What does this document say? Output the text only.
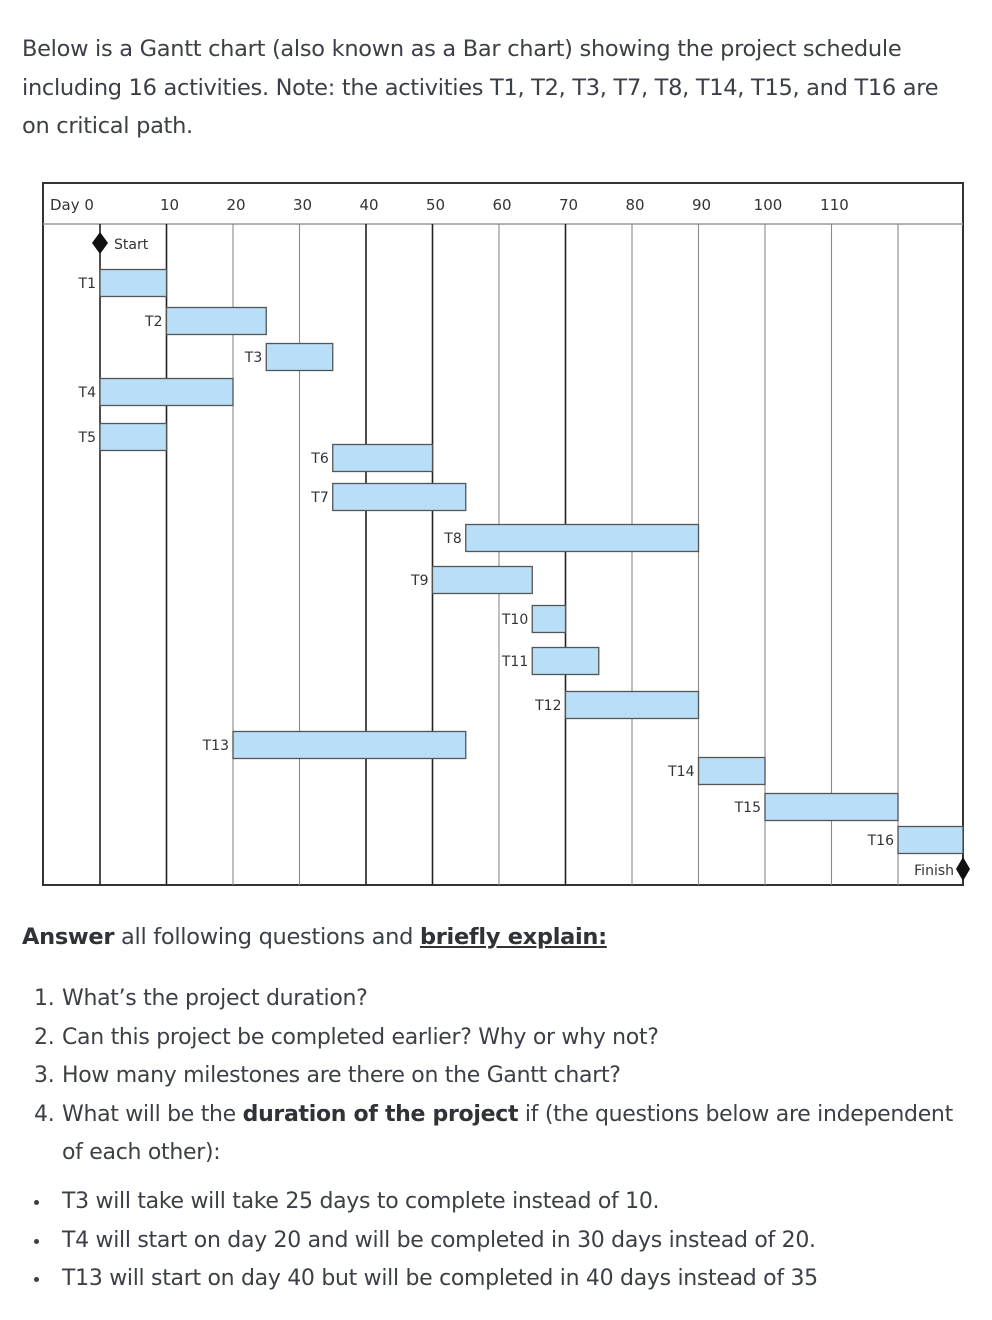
Below is a Gantt chart (also known as a Bar chart) showing the project schedule including 16 activities. Note: the activities T1, T2, T3, T7, T8, T14, T15, and T16 are on critical path.
Day 0	10	20	30	40	50	60	70	80	90	100	110
T1
T2
T3
T4
T5
T6
T7
T8
T9
T10
T11
T12
T13
T14
T15
T16
Start
Finish
Answer all following questions and briefly explain:
1. What’s the project duration?
2. Can this project be completed earlier? Why or why not?
3. How many milestones are there on the Gantt chart?
4. What will be the duration of the project if (the questions below are independent of each other):
T3 will take will take 25 days to complete instead of 10.
T4 will start on day 20 and will be completed in 30 days instead of 20.
T13 will start on day 40 but will be completed in 40 days instead of 35
